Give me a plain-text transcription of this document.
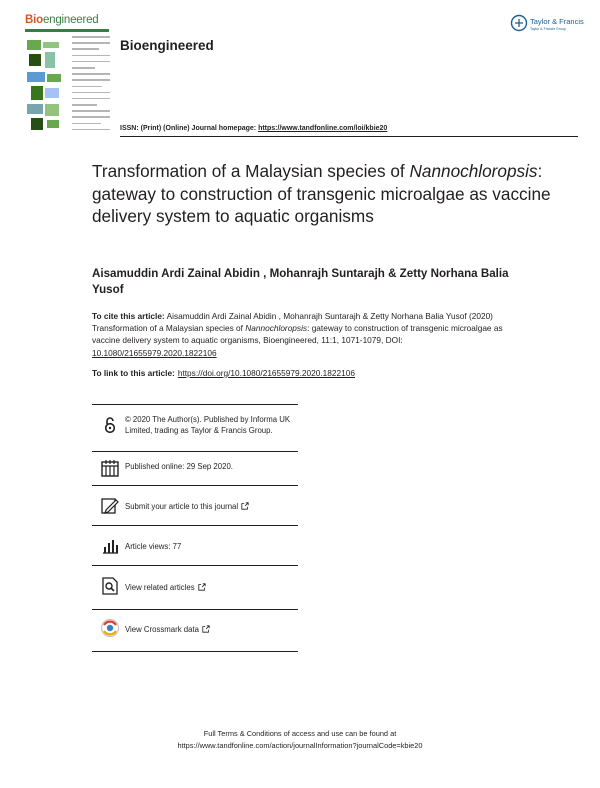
Bioengineered
Bioengineered
Taylor & Francis
Taylor & Francis Group
ISSN: (Print) (Online) Journal homepage: https://www.tandfonline.com/loi/kbie20
Transformation of a Malaysian species of Nannochloropsis: gateway to construction of transgenic microalgae as vaccine delivery system to aquatic organisms
Aisamuddin Ardi Zainal Abidin , Mohanrajh Suntarajh & Zetty Norhana Balia Yusof
To cite this article: Aisamuddin Ardi Zainal Abidin , Mohanrajh Suntarajh & Zetty Norhana Balia Yusof (2020) Transformation of a Malaysian species of Nannochloropsis: gateway to construction of transgenic microalgae as vaccine delivery system to aquatic organisms, Bioengineered, 11:1, 1071-1079, DOI: 10.1080/21655979.2020.1822106
To link to this article: https://doi.org/10.1080/21655979.2020.1822106
© 2020 The Author(s). Published by Informa UK Limited, trading as Taylor & Francis Group.
Published online: 29 Sep 2020.
Submit your article to this journal
Article views: 77
View related articles
View Crossmark data
Full Terms & Conditions of access and use can be found at
https://www.tandfonline.com/action/journalInformation?journalCode=kbie20
